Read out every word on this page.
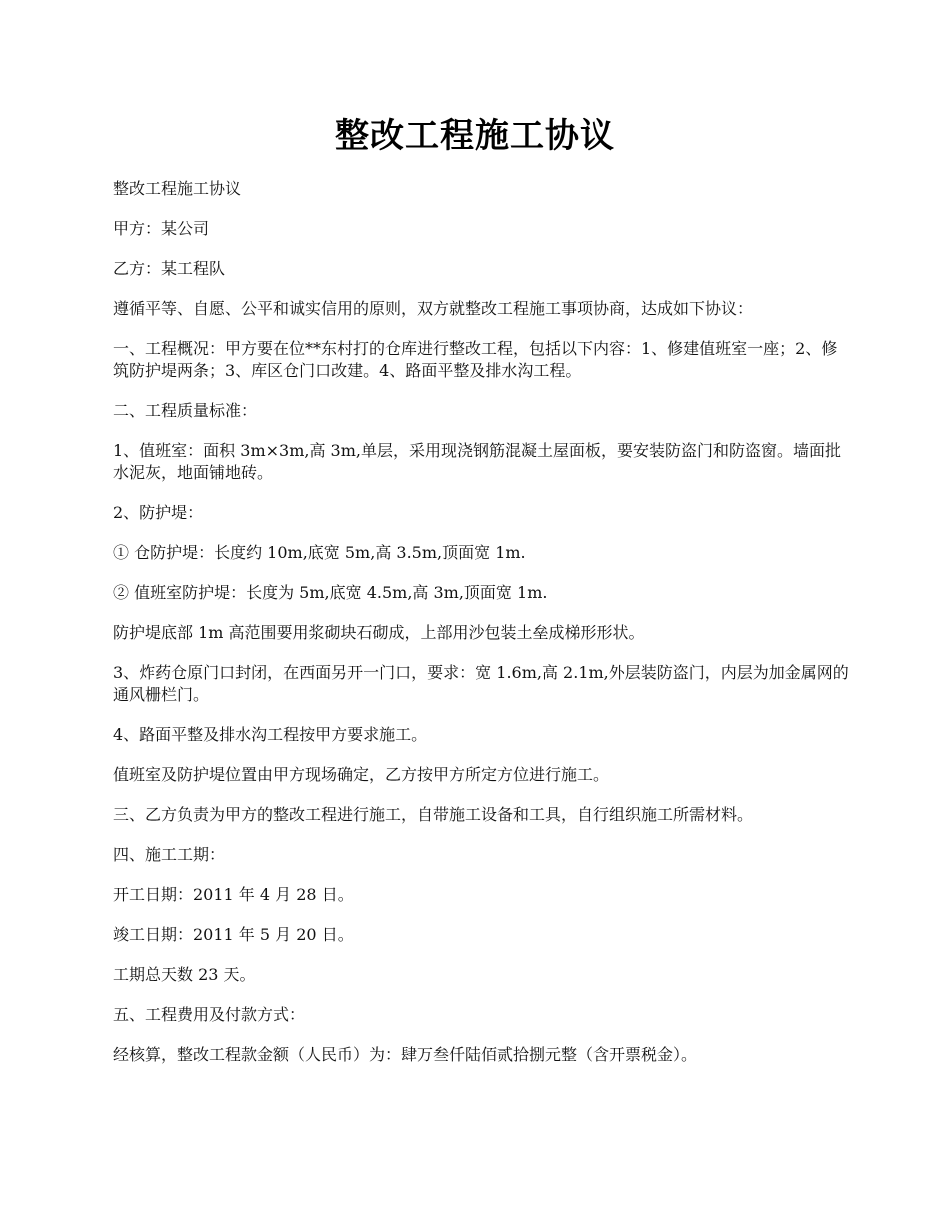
整改工程施工协议

整改工程施工协议

甲方：某公司

乙方：某工程队

遵循平等、自愿、公平和诚实信用的原则，双方就整改工程施工事项协商，达成如下协议：

一、工程概况：甲方要在位**东村打的仓库进行整改工程，包括以下内容：1、修建值班室一座；2、修筑防护堤两条；3、库区仓门口改建。4、路面平整及排水沟工程。

二、工程质量标准：

1、值班室：面积 3m×3m,高 3m,单层，采用现浇钢筋混凝土屋面板，要安装防盗门和防盗窗。墙面批水泥灰，地面铺地砖。

2、防护堤：

① 仓防护堤：长度约 10m,底宽 5m,高 3.5m,顶面宽 1m.

② 值班室防护堤：长度为 5m,底宽 4.5m,高 3m,顶面宽 1m.

防护堤底部 1m 高范围要用浆砌块石砌成，上部用沙包装土垒成梯形形状。

3、炸药仓原门口封闭，在西面另开一门口，要求：宽 1.6m,高 2.1m,外层装防盗门，内层为加金属网的通风栅栏门。

4、路面平整及排水沟工程按甲方要求施工。

值班室及防护堤位置由甲方现场确定，乙方按甲方所定方位进行施工。

三、乙方负责为甲方的整改工程进行施工，自带施工设备和工具，自行组织施工所需材料。

四、施工工期：

开工日期：2011 年 4 月 28 日。

竣工日期：2011 年 5 月 20 日。

工期总天数 23 天。

五、工程费用及付款方式：

经核算，整改工程款金额（人民币）为：肆万叁仟陆佰贰拾捌元整（含开票税金）。
